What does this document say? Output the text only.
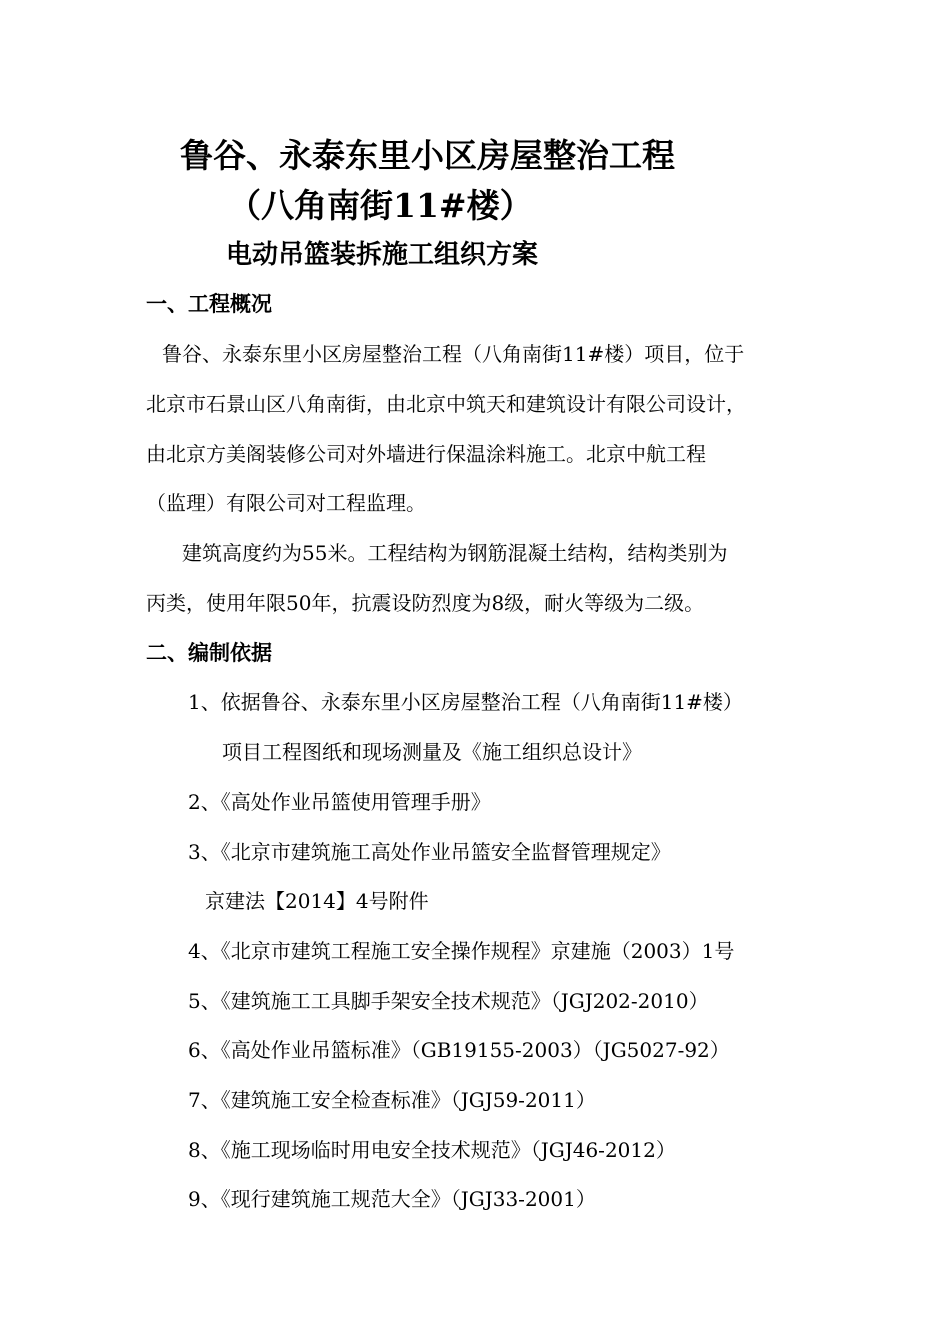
鲁谷、永泰东里小区房屋整治工程
（八角南街11#楼）
电动吊篮装拆施工组织方案
一、工程概况
鲁谷、永泰东里小区房屋整治工程（八角南街11#楼）项目，位于
北京市石景山区八角南街，由北京中筑天和建筑设计有限公司设计，
由北京方美阁装修公司对外墙进行保温涂料施工。北京中航工程
（监理）有限公司对工程监理。
建筑高度约为55米。工程结构为钢筋混凝土结构，结构类别为
丙类，使用年限50年，抗震设防烈度为8级，耐火等级为二级。
二、编制依据
1、依据鲁谷、永泰东里小区房屋整治工程（八角南街11#楼）
项目工程图纸和现场测量及《施工组织总设计》
2、《高处作业吊篮使用管理手册》
3、《北京市建筑施工高处作业吊篮安全监督管理规定》
京建法【2014】4号附件
4、《北京市建筑工程施工安全操作规程》京建施（2003）1号
5、《建筑施工工具脚手架安全技术规范》（JGJ202-2010）
6、《高处作业吊篮标准》（GB19155-2003）（JG5027-92）
7、《建筑施工安全检查标准》（JGJ59-2011）
8、《施工现场临时用电安全技术规范》（JGJ46-2012）
9、《现行建筑施工规范大全》（JGJ33-2001）
